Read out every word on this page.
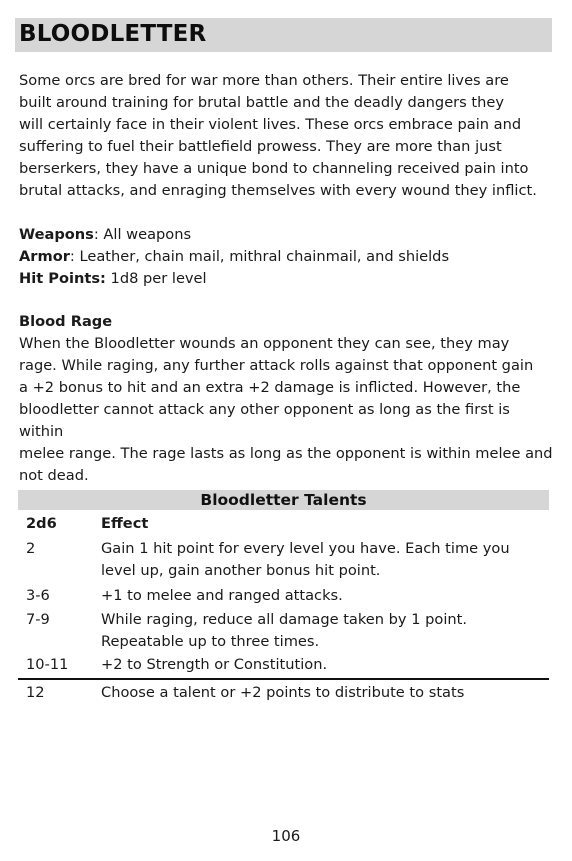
BLOODLETTER
Some orcs are bred for war more than others. Their entire lives are
built around training for brutal battle and the deadly dangers they
will certainly face in their violent lives. These orcs embrace pain and
suffering to fuel their battlefield prowess. They are more than just
berserkers, they have a unique bond to channeling received pain into
brutal attacks, and enraging themselves with every wound they inflict.
Weapons: All weapons
Armor: Leather, chain mail, mithral chainmail, and shields
Hit Points: 1d8 per level
Blood Rage
When the Bloodletter wounds an opponent they can see, they may
rage. While raging, any further attack rolls against that opponent gain
a +2 bonus to hit and an extra +2 damage is inflicted. However, the
bloodletter cannot attack any other opponent as long as the first is within
melee range. The rage lasts as long as the opponent is within melee and
not dead.
Bloodletter Talents
2d6	Effect
2	Gain 1 hit point for every level you have. Each time you
level up, gain another bonus hit point.
3-6	+1 to melee and ranged attacks.
7-9	While raging, reduce all damage taken by 1 point.
Repeatable up to three times.
10-11	+2 to Strength or Constitution.
12	Choose a talent or +2 points to distribute to stats
106
